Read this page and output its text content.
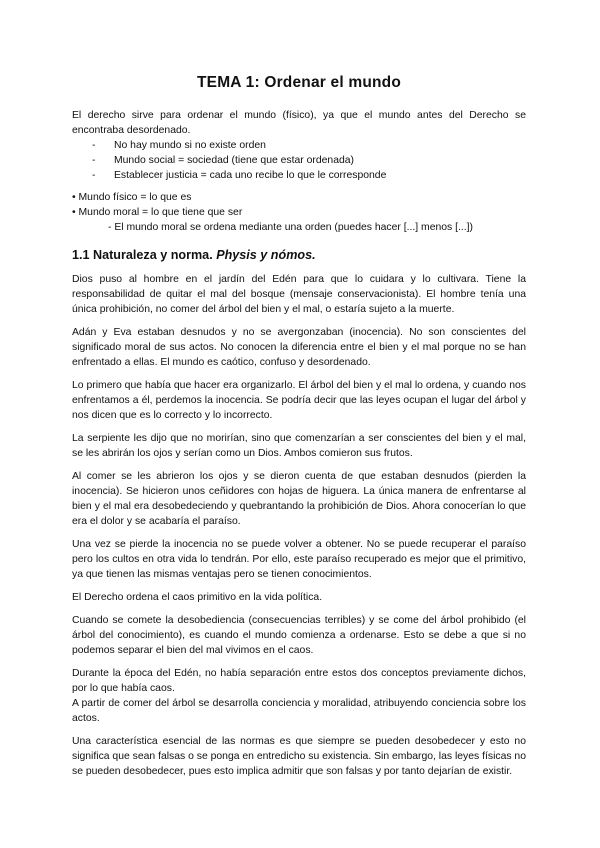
TEMA 1: Ordenar el mundo

El derecho sirve para ordenar el mundo (físico), ya que el mundo antes del Derecho se encontraba desordenado.

- No hay mundo si no existe orden
- Mundo social = sociedad (tiene que estar ordenada)
- Establecer justicia = cada uno recibe lo que le corresponde
• Mundo físico = lo que es
• Mundo moral = lo que tiene que ser
- El mundo moral se ordena mediante una orden (puedes hacer [...] menos [...])
1.1 Naturaleza y norma. Physis y nómos.

Dios puso al hombre en el jardín del Edén para que lo cuidara y lo cultivara. Tiene la responsabilidad de quitar el mal del bosque (mensaje conservacionista). El hombre tenía una única prohibición, no comer del árbol del bien y el mal, o estaría sujeto a la muerte.

Adán y Eva estaban desnudos y no se avergonzaban (inocencia). No son conscientes del significado moral de sus actos. No conocen la diferencia entre el bien y el mal porque no se han enfrentado a ellas. El mundo es caótico, confuso y desordenado.

Lo primero que había que hacer era organizarlo. El árbol del bien y el mal lo ordena, y cuando nos enfrentamos a él, perdemos la inocencia. Se podría decir que las leyes ocupan el lugar del árbol y nos dicen que es lo correcto y lo incorrecto.

La serpiente les dijo que no morirían, sino que comenzarían a ser conscientes del bien y el mal, se les abrirán los ojos y serían como un Dios. Ambos comieron sus frutos.

Al comer se les abrieron los ojos y se dieron cuenta de que estaban desnudos (pierden la inocencia). Se hicieron unos ceñidores con hojas de higuera. La única manera de enfrentarse al bien y el mal era desobedeciendo y quebrantando la prohibición de Dios. Ahora conocerían lo que era el dolor y se acabaría el paraíso.

Una vez se pierde la inocencia no se puede volver a obtener. No se puede recuperar el paraíso pero los cultos en otra vida lo tendrán. Por ello, este paraíso recuperado es mejor que el primitivo, ya que tienen las mismas ventajas pero se tienen conocimientos.

El Derecho ordena el caos primitivo en la vida política.

Cuando se comete la desobediencia (consecuencias terribles) y se come del árbol prohibido (el árbol del conocimiento), es cuando el mundo comienza a ordenarse. Esto se debe a que si no podemos separar el bien del mal vivimos en el caos.

Durante la época del Edén, no había separación entre estos dos conceptos previamente dichos, por lo que había caos.

A partir de comer del árbol se desarrolla conciencia y moralidad, atribuyendo conciencia sobre los actos.

Una característica esencial de las normas es que siempre se pueden desobedecer y esto no significa que sean falsas o se ponga en entredicho su existencia. Sin embargo, las leyes físicas no se pueden desobedecer, pues esto implica admitir que son falsas y por tanto dejarían de existir.
